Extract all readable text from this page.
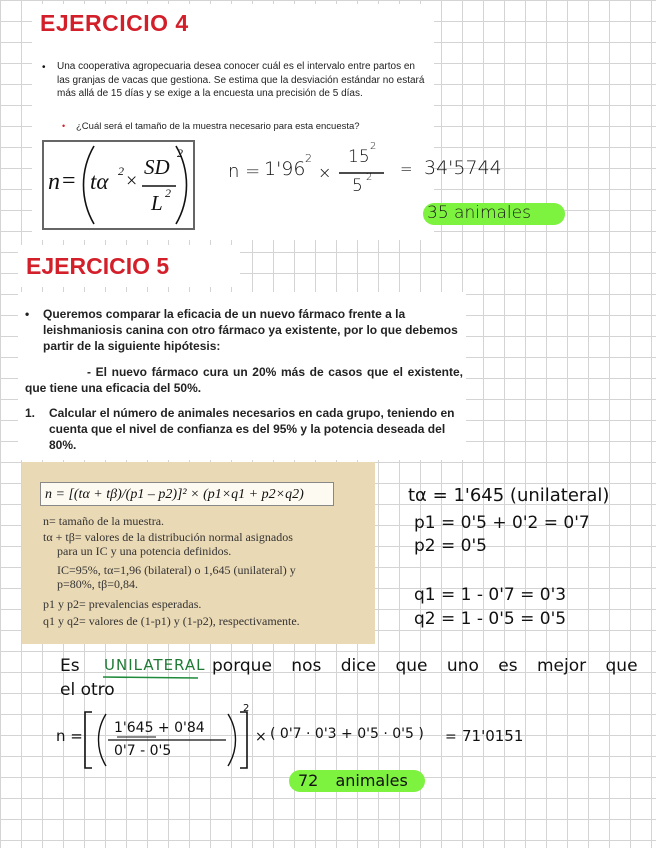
EJERCICIO 4
• Una cooperativa agropecuaria desea conocer cuál es el intervalo entre partos en las granjas de vacas que gestiona. Se estima que la desviación estándar no estará más allá de 15 días y se exige a la encuesta una precisión de 5 días.
• ¿Cuál será el tamaño de la muestra necesario para esta encuesta?
n = tα 2 ×
SD
2
L 2
n = 1'96 2
×
15
2
5 2 = 34'5744
35 animales
EJERCICIO 5
• Queremos comparar la eficacia de un nuevo fármaco frente a la leishmaniosis canina con otro fármaco ya existente, por lo que debemos partir de la siguiente hipótesis:
- El nuevo fármaco cura un 20% más de casos que el existente, que tiene una eficacia del 50%.
1. Calcular el número de animales necesarios en cada grupo, teniendo en cuenta que el nivel de confianza es del 95% y la potencia deseada del 80%.
n = [(tα + tβ)/(p1 – p2)]² × (p1×q1 + p2×q2)
n= tamaño de la muestra.
tα + tβ= valores de la distribución normal asignados
para un IC y una potencia definidos.
IC=95%, tα=1,96 (bilateral) o 1,645 (unilateral) y
p=80%, tβ=0,84.
p1 y p2= prevalencias esperadas.
q1 y q2= valores de (1-p1) y (1-p2), respectivamente.
tα = 1'645 (unilateral)
p1 = 0'5 + 0'2 = 0'7
p2 = 0'5
q1 = 1 - 0'7 = 0'3
q2 = 1 - 0'5 = 0'5
Es UNILATERAL porque nos dice que uno es mejor que
el otro
n = 1'645 + 0'84
0'7 - 0'5
2
× ( 0'7 · 0'3 + 0'5 · 0'5 ) = 71'0151
72 animales
